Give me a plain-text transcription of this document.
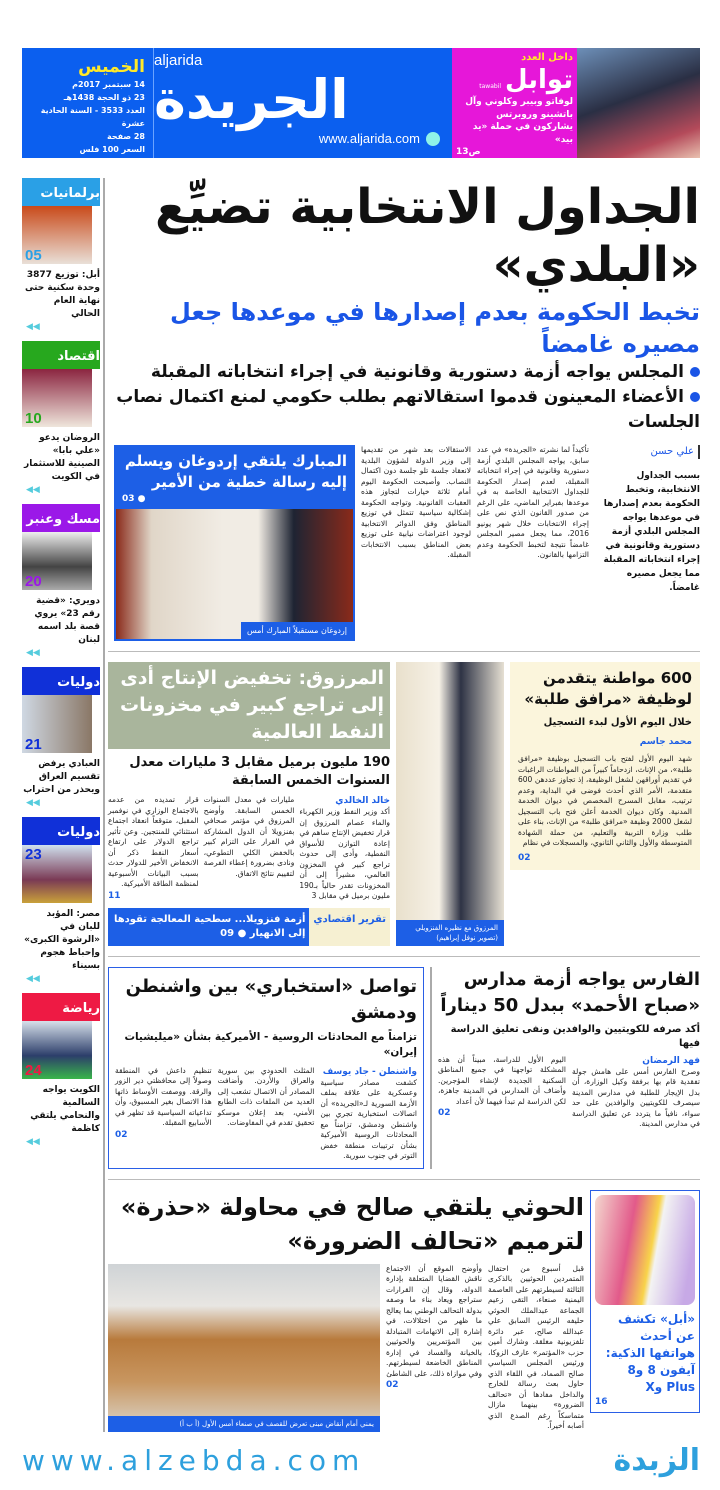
aljarida
الجريدة
www.aljarida.com
الخميس
14 سبتمبر 2017م
23 ذو الحجة 1438هـ
العدد 3533 - السنة الحادية عشرة
28 صفحة
السعر 100 فلس
داخل العدد
توابل
tawabil
لوفاتو وبيبر وكلوني وآل باتشينو وروبرتس يشاركون في حملة «يد بيد»
ص13
الجداول الانتخابية تضيِّع «البلدي»
تخبط الحكومة بعدم إصدارها في موعدها جعل مصيره غامضاً
المجلس يواجه أزمة دستورية وقانونية في إجراء انتخاباته المقبلة
الأعضاء المعينون قدموا استقالاتهم بطلب حكومي لمنع اكتمال نصاب الجلسات
علي حسن
بسبب الجداول الانتخابية، وتخبط الحكومة بعدم إصدارها في موعدها يواجه المجلس البلدي أزمة دستورية وقانونية في إجراء انتخاباته المقبلة مما يجعل مصيره غامضاً.
تأكيداً لما نشرته «الجريدة» في عدد سابق، يواجه المجلس البلدي أزمة دستورية وقانونية في إجراء انتخاباته المقبلة، لعدم إصدار الحكومة للجداول الانتخابية الخاصة به في موعدها بفبراير الماضي، على الرغم من صدور القانون الذي نص على إجراء الانتخابات خلال شهر يونيو 2016، مما يجعل مصير المجلس غامضاً نتيجة لتخبط الحكومة وعدم التزامها بالقانون.
الاستقالات بعد شهر من تقديمها إلى وزير الدولة لشؤون البلدية لانعقاد جلسة تلو جلسة دون اكتمال النصاب. وأصبحت الحكومة اليوم أمام ثلاثة خيارات لتجاوز هذه العقبات القانونية. وتواجه الحكومة إشكالية سياسية تتمثل في توزيع المناطق وفق الدوائر الانتخابية لوجود اعتراضات نيابية على توزيع بعض المناطق بسبب الانتخابات المقبلة.
المبارك يلتقي إردوغان ويسلم إليه رسالة خطية من الأمير
● 03
إردوغان مستقبلاً المبارك أمس
600 مواطنة يتقدمن لوظيفة «مرافق طلبة»
خلال اليوم الأول لبدء التسجيل
محمد جاسم
شهد اليوم الأول لفتح باب التسجيل بوظيفة «مرافق طلبة»، من الإناث، ازدحاماً كبيراً من المواطنات الراغبات في تقديم أوراقهن لشغل الوظيفة، إذ تجاوز عددهن 600 متقدمة، الأمر الذي أحدث فوضى في البداية، وعدم ترتيب، مقابل المسرح المخصص في ديوان الخدمة المدنية. وكان ديوان الخدمة أعلن فتح باب التسجيل لشغل 2000 وظيفة «مرافق طلبة» من الإناث، بناء على طلب وزارة التربية والتعليم، من حملة الشهادة المتوسطة والأول والثاني الثانوي، والمسجلات في نظام
02
المرزوق مع نظيره الفنزويلي (تصوير نوفل إبراهيم)
المرزوق: تخفيض الإنتاج أدى إلى تراجع كبير في مخزونات النفط العالمية
190 مليون برميل مقابل 3 مليارات معدل السنوات الخمس السابقة
خالد الخالدي
أكد وزير النفط وزير الكهرباء والماء عصام المرزوق إن قرار تخفيض الإنتاج ساهم في إعادة التوازن للأسواق النفطية، وأدى إلى حدوث تراجع كبير في المخزون العالمي، مشيراً إلى أن المخزونات تقدر حالياً بـ190 مليون برميل في مقابل 3
مليارات في معدل السنوات الخمس السابقة. وأوضح المرزوق في مؤتمر صحافي بفنزويلا أن الدول المشاركة في القرار على التزام كبير بالخفض الكلي التطوعي، ونادى بضرورة إعطاء الفرصة لتقييم نتائج الاتفاق.
قرار تمديده من عدمه بالاجتماع الوزاري في نوفمبر المقبل، متوقعاً انعقاد اجتماع استثنائي للمنتجين. وعن تأثير تراجع الدولار على ارتفاع أسعار النفط ذكر أن الانخفاض الأخير للدولار حدث بسبب البيانات الأسبوعية لمنظمة الطاقة الأميركية.
11
تقرير اقتصادي
أزمة فنزويلا... سطحية المعالجة تقودها إلى الانهيار ● 09
الفارس يواجه أزمة مدارس «صباح الأحمد» ببدل 50 ديناراً
أكد صرفه للكويتيين والوافدين ونفى تعليق الدراسة فيها
فهد الرمضان
وصرح الفارس أمس على هامش جولة تفقدية قام بها برفقة وكيل الوزارة، أن بدل الإيجار للطلبة في مدارس المدينة سيصرف للكويتيين والوافدين على حد سواء، نافياً ما يتردد عن تعليق الدراسة في مدارس المدينة.
اليوم الأول للدراسة، مبيناً أن هذه المشكلة تواجهنا في جميع المناطق السكنية الجديدة لإنشاء المؤجرين. وأضاف أن المدارس في المدينة جاهزة، لكن الدراسة لم تبدأ فيهما لأن أعداد
02
تواصل «استخباري» بين واشنطن ودمشق
تزامناً مع المحادثات الروسية - الأميركية بشأن «ميليشيات إيران»
واشنطن - جاد يوسف
كشفت مصادر سياسية وعسكرية على علاقة بملف الأزمة السورية لـ«الجريدة» أن اتصالات استخبارية تجري بين واشنطن ودمشق، تزامناً مع المحادثات الروسية الأميركية بشأن ترتيبات منطقة خفض التوتر في جنوب سورية.
المثلث الحدودي بين سورية والعراق والأردن. وأضافت المصادر أن الاتصال تشعب إلى العديد من الملفات ذات الطابع الأمني، بعد إعلان موسكو تحقيق تقدم في المفاوضات.
تنظيم داعش في المنطقة وصولاً إلى محافظتي دير الزور والرقة. ووصفت الأوساط ذاتها هذا الاتصال بغير المسبوق، وأن تداعياته السياسية قد تظهر في الأسابيع المقبلة.
02
«أبل» تكشف عن أحدث هواتفها الذكية: آيفون 8 و8 Plus وX
16
الحوثي يلتقي صالح في محاولة «حذرة» لترميم «تحالف الضرورة»
قبل أسبوع من احتفال المتمردين الحوثيين بالذكرى الثالثة لسيطرتهم على العاصمة اليمنية صنعاء، التقى زعيم الجماعة عبدالملك الحوثي حليفه الرئيس السابق علي عبدالله صالح، عبر دائرة تلفزيونية مغلقة. وشارك أمين حزب «المؤتمر» عارف الزوكا، ورئيس المجلس السياسي صالح الصماد، في اللقاء الذي حاول بعث رسالة للخارج والداخل مفادها أن «تحالف الضرورة» بينهما مازال متماسكاً رغم الصدع الذي أصابه أخيراً.
وأوضح الموقع أن الاجتماع ناقش القضايا المتعلقة بإدارة الدولة، وقال إن القرارات ستراجع ويعاد بناء ما وصفه بدولة التحالف الوطني بما يعالج ما ظهر من اختلالات، في إشارة إلى الاتهامات المتبادلة بين المؤتمريين والحوثيين بالخيانة والفساد في إدارة المناطق الخاضعة لسيطرتهم. وفي موازاة ذلك، على الشاطئ
02
يمني أمام أنقاض مبنى تعرض للقصف في صنعاء أمس الأول (أ ب أ)
برلمانيات
05
أبل: توزيع 3877 وحدة سكنية حتى نهاية العام الحالي
◀◀
اقتصاد
10
الروضان يدعو «علي بابا» الصينية للاستثمار في الكويت
◀◀
مسك وعنبر
20
دويري: «قضية رقم 23» يروي قصة بلد اسمه لبنان
◀◀
دوليات
21
العبادي يرفض تقسيم العراق ويحذر من احتراب
◀◀
دوليات
23
مصر: المؤبد للبان في «الرشوة الكبرى» وإحباط هجوم بسيناء
◀◀
رياضة
24
الكويت يواجه السالمية والنحامي يلتقي كاظمة
◀◀
الزبدة
www.alzebda.com
